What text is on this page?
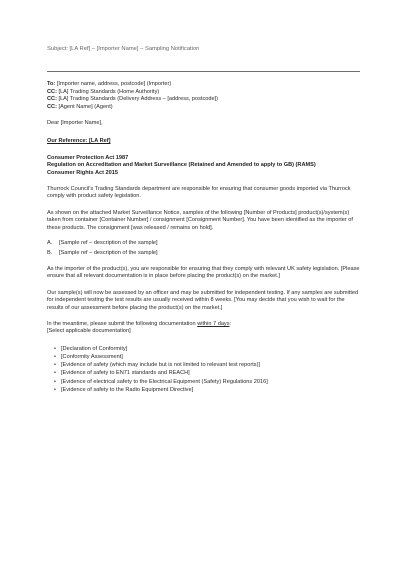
Subject: [LA Ref] – [Importer Name] – Sampling Notification
To: [Importer name, address, postcode] (Importer)
CC: [LA] Trading Standards (Home Authority)
CC: [LA] Trading Standards (Delivery Address – [address, postcode])
CC: [Agent Name] (Agent)
Dear [Importer Name],
Our Reference: [LA Ref]
Consumer Protection Act 1987
Regulation on Accreditation and Market Surveillance (Retained and Amended to apply to GB) (RAMS)
Consumer Rights Act 2015

Thurrock Council’s Trading Standards department are responsible for ensuring that consumer goods imported via Thurrock comply with product safety legislation.

As shown on the attached Market Surveillance Notice, samples of the following [Number of Products] product(s)/system(s) taken from container [Container Number] / consignment [Consignment Number]. You have been identified as the importer of these products. The consignment [was released / remains on hold].

A. [Sample ref – description of the sample]
B. [Sample ref – description of the sample]

As the importer of the product(s), you are responsible for ensuring that they comply with relevant UK safety legislation. [Please ensure that all relevant documentation is in place before placing the product(s) on the market.]

Our sample(s) will now be assessed by an officer and may be submitted for independent testing. If any samples are submitted for independent testing the test results are usually received within 8 weeks. [You may decide that you wish to wait for the results of our assessment before placing the product(s) on the market.]

In the meantime, please submit the following documentation within 7 days:
[Select applicable documentation]

• [Declaration of Conformity]
• [Conformity Assessment]
• [Evidence of safety (which may include but is not limited to relevant test reports)]
• [Evidence of safety to EN71 standards and REACH]
• [Evidence of electrical safety to the Electrical Equipment (Safety) Regulations 2016]
• [Evidence of safety to the Radio Equipment Directive]
